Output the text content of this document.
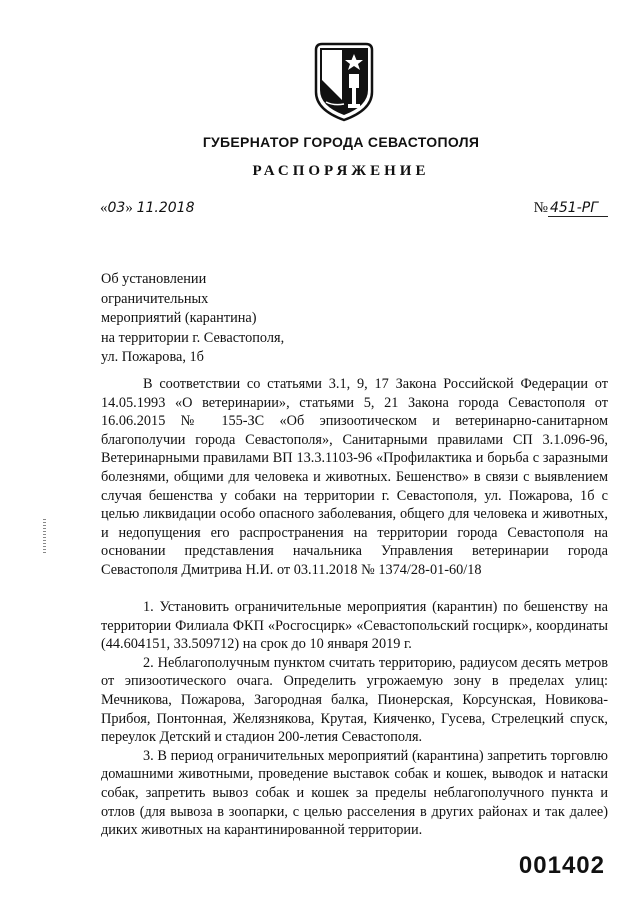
ГУБЕРНАТОР ГОРОДА СЕВАСТОПОЛЯ
РАСПОРЯЖЕНИЕ
«03» 11.2018	№ 451-РГ
Об установлении
ограничительных
мероприятий (карантина)
на территории г. Севастополя,
ул. Пожарова, 1б

В соответствии со статьями 3.1, 9, 17 Закона Российской Федерации от 14.05.1993 «О ветеринарии», статьями 5, 21 Закона города Севастополя от 16.06.2015 № 155-ЗС «Об эпизоотическом и ветеринарно-санитарном благополучии города Севастополя», Санитарными правилами СП 3.1.096-96, Ветеринарными правилами ВП 13.3.1103-96 «Профилактика и борьба с заразными болезнями, общими для человека и животных. Бешенство» в связи с выявлением случая бешенства у собаки на территории г. Севастополя, ул. Пожарова, 1б с целью ликвидации особо опасного заболевания, общего для человека и животных, и недопущения его распространения на территории города Севастополя на основании представления начальника Управления ветеринарии города Севастополя Дмитрива Н.И. от 03.11.2018 № 1374/28-01-60/18

1. Установить ограничительные мероприятия (карантин) по бешенству на территории Филиала ФКП «Росгосцирк» «Севастопольский госцирк», координаты (44.604151, 33.509712) на срок до 10 января 2019 г.

2. Неблагополучным пунктом считать территорию, радиусом десять метров от эпизоотического очага. Определить угрожаемую зону в пределах улиц: Мечникова, Пожарова, Загородная балка, Пионерская, Корсунская, Новикова-Прибоя, Понтонная, Желязнякова, Крутая, Кияченко, Гусева, Стрелецкий спуск, переулок Детский и стадион 200-летия Севастополя.

3. В период ограничительных мероприятий (карантина) запретить торговлю домашними животными, проведение выставок собак и кошек, выводок и натаски собак, запретить вывоз собак и кошек за пределы неблагополучного пункта и отлов (для вывоза в зоопарки, с целью расселения в других районах и так далее) диких животных на карантинированной территории.

001402
